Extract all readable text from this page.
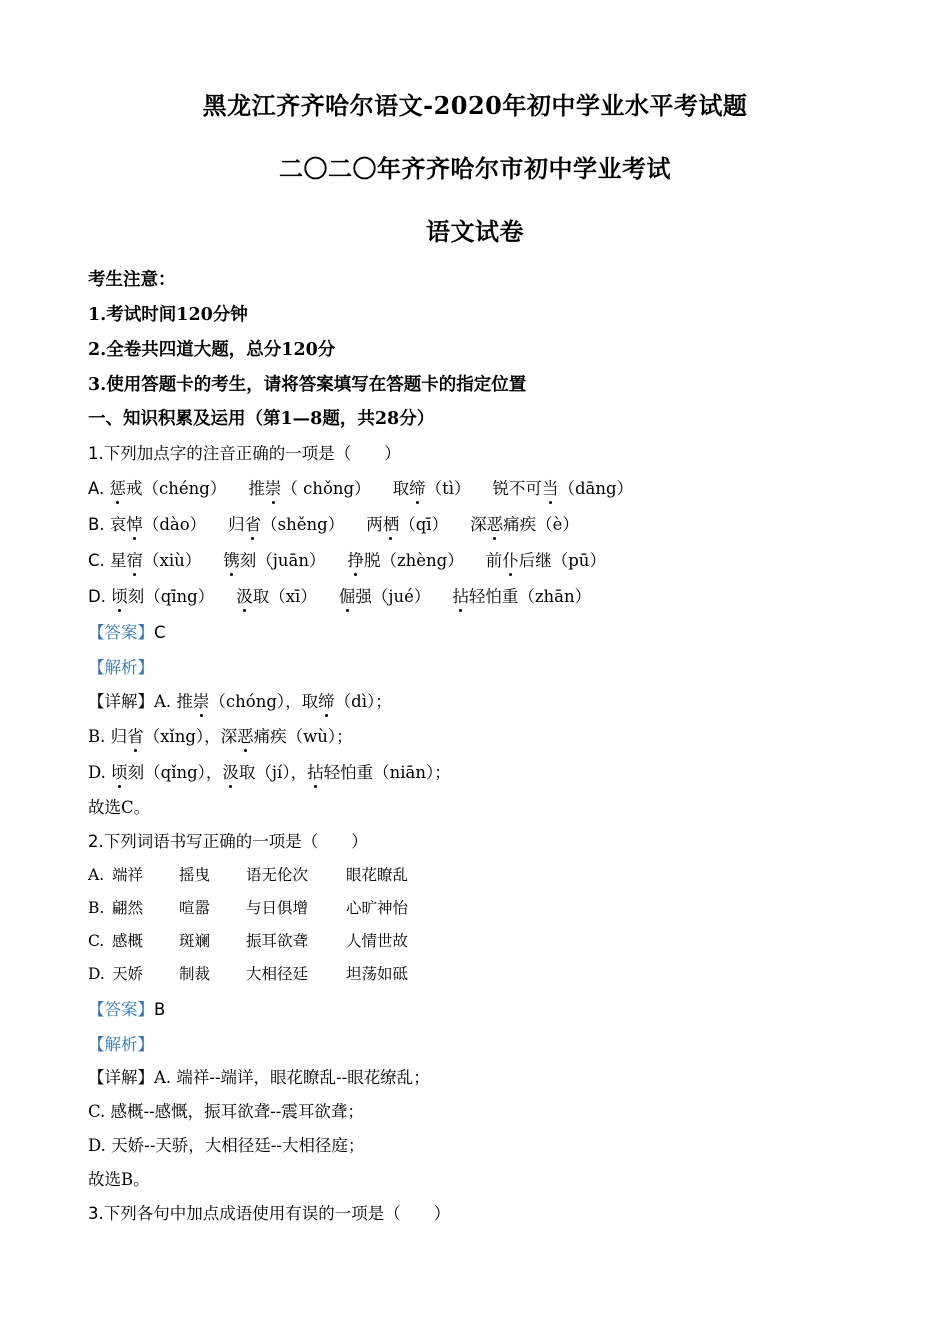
黑龙江齐齐哈尔语文-2020年初中学业水平考试题
二〇二〇年齐齐哈尔市初中学业考试
语文试卷
考生注意：
1.考试时间120分钟
2.全卷共四道大题，总分120分
3.使用答题卡的考生，请将答案填写在答题卡的指定位置
一、知识积累及运用（第1—8题，共28分）
1.下列加点字的注音正确的一项是（　　）
A. 惩戒（chéng） 推崇（ chǒng） 取缔（tì） 锐不可当（dāng）
B. 哀悼（dào） 归省（shěng） 两栖（qī） 深恶痛疾（è）
C. 星宿（xiù） 镌刻（juān） 挣脱（zhèng） 前仆后继（pū）
D. 顷刻（qīng） 汲取（xī） 倔强（jué） 拈轻怕重（zhān）
【答案】C
【解析】
【详解】A. 推崇（chóng），取缔（dì）；
B. 归省（xǐng），深恶痛疾（wù）；
D. 顷刻（qǐng），汲取（jí），拈轻怕重（niān）；
故选C。
2.下列词语书写正确的一项是（　　）
A. 端祥 摇曳 语无伦次 眼花瞭乱
B. 翩然 喧嚣 与日俱增 心旷神怡
C. 感概 斑斓 振耳欲聋 人情世故
D. 天娇 制裁 大相径廷 坦荡如砥
【答案】B
【解析】
【详解】A. 端祥--端详，眼花瞭乱--眼花缭乱；
C. 感概--感慨，振耳欲聋--震耳欲聋；
D. 天娇--天骄，大相径廷--大相径庭；
故选B。
3.下列各句中加点成语使用有误的一项是（　　）
